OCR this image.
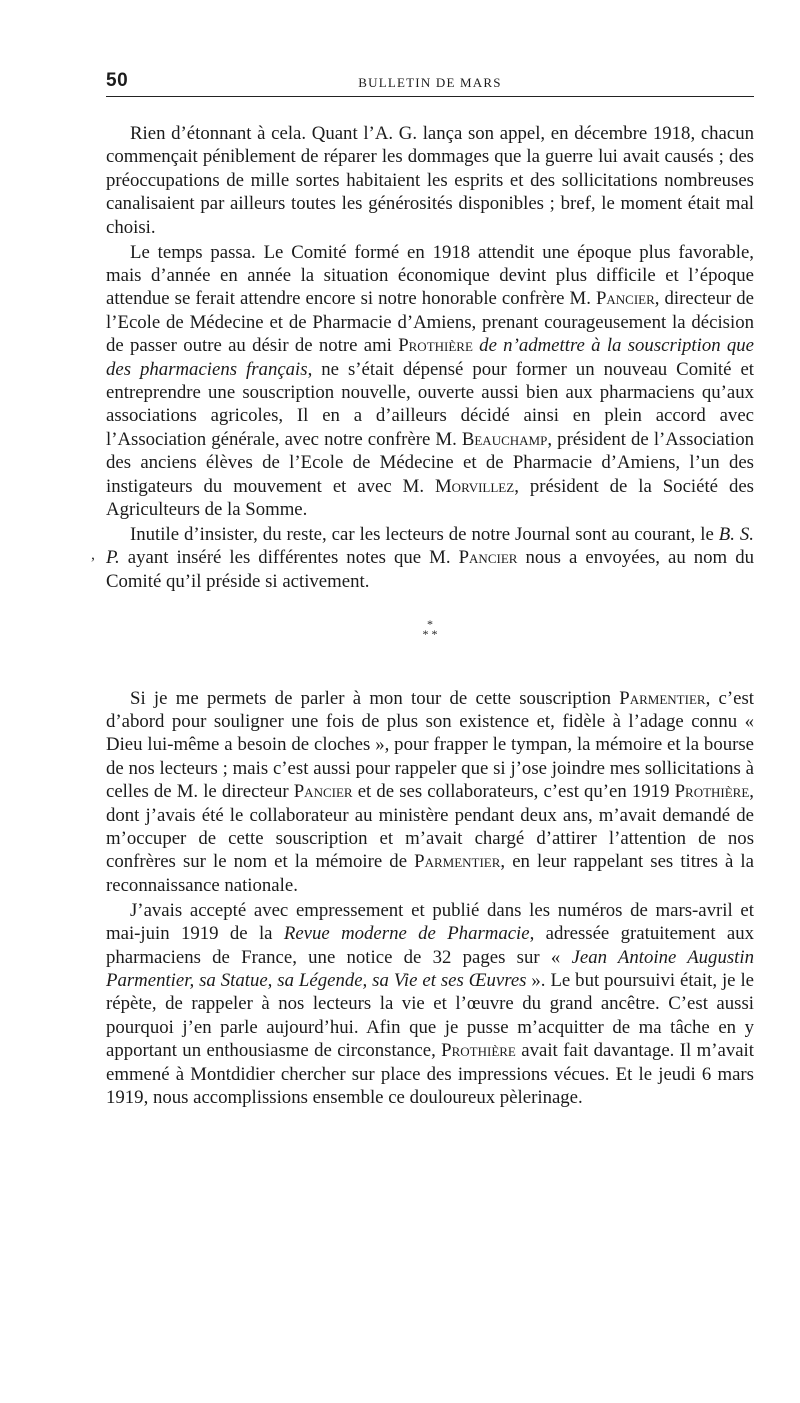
50	BULLETIN DE MARS
,

Rien d’étonnant à cela. Quant l’A. G. lança son appel, en décembre 1918, chacun commençait péniblement de réparer les dommages que la guerre lui avait causés ; des préoccupations de mille sortes habitaient les esprits et des sollicitations nombreuses canalisaient par ailleurs toutes les générosités disponibles ; bref, le moment était mal choisi.

Le temps passa. Le Comité formé en 1918 attendit une époque plus favorable, mais d’année en année la situation économique devint plus difficile et l’époque attendue se ferait attendre encore si notre honorable confrère M. Pancier, directeur de l’Ecole de Médecine et de Pharmacie d’Amiens, prenant courageusement la décision de passer outre au désir de notre ami Prothière de n’admettre à la souscription que des pharmaciens français, ne s’était dépensé pour former un nouveau Comité et entreprendre une souscription nouvelle, ouverte aussi bien aux pharmaciens qu’aux associations agricoles, Il en a d’ailleurs décidé ainsi en plein accord avec l’Association générale, avec notre confrère M. Beauchamp, président de l’Association des anciens élèves de l’Ecole de Médecine et de Pharmacie d’Amiens, l’un des instigateurs du mouvement et avec M. Morvillez, président de la Société des Agriculteurs de la Somme.

Inutile d’insister, du reste, car les lecteurs de notre Journal sont au courant, le B. S. P. ayant inséré les différentes notes que M. Pancier nous a envoyées, au nom du Comité qu’il préside si activement.

*
* *

Si je me permets de parler à mon tour de cette souscription Parmentier, c’est d’abord pour souligner une fois de plus son existence et, fidèle à l’adage connu « Dieu lui-même a besoin de cloches », pour frapper le tympan, la mémoire et la bourse de nos lecteurs ; mais c’est aussi pour rappeler que si j’ose joindre mes sollicitations à celles de M. le directeur Pancier et de ses collaborateurs, c’est qu’en 1919 Prothière, dont j’avais été le collaborateur au ministère pendant deux ans, m’avait demandé de m’occuper de cette souscription et m’avait chargé d’attirer l’attention de nos confrères sur le nom et la mémoire de Parmentier, en leur rappelant ses titres à la reconnaissance nationale.

J’avais accepté avec empressement et publié dans les numéros de mars-avril et mai-juin 1919 de la Revue moderne de Pharmacie, adressée gratuitement aux pharmaciens de France, une notice de 32 pages sur « Jean Antoine Augustin Parmentier, sa Statue, sa Légende, sa Vie et ses Œuvres ». Le but poursuivi était, je le répète, de rappeler à nos lecteurs la vie et l’œuvre du grand ancêtre. C’est aussi pourquoi j’en parle aujourd’hui. Afin que je pusse m’acquitter de ma tâche en y apportant un enthousiasme de circonstance, Prothière avait fait davantage. Il m’avait emmené à Montdidier chercher sur place des impressions vécues. Et le jeudi 6 mars 1919, nous accomplissions ensemble ce douloureux pèlerinage.
